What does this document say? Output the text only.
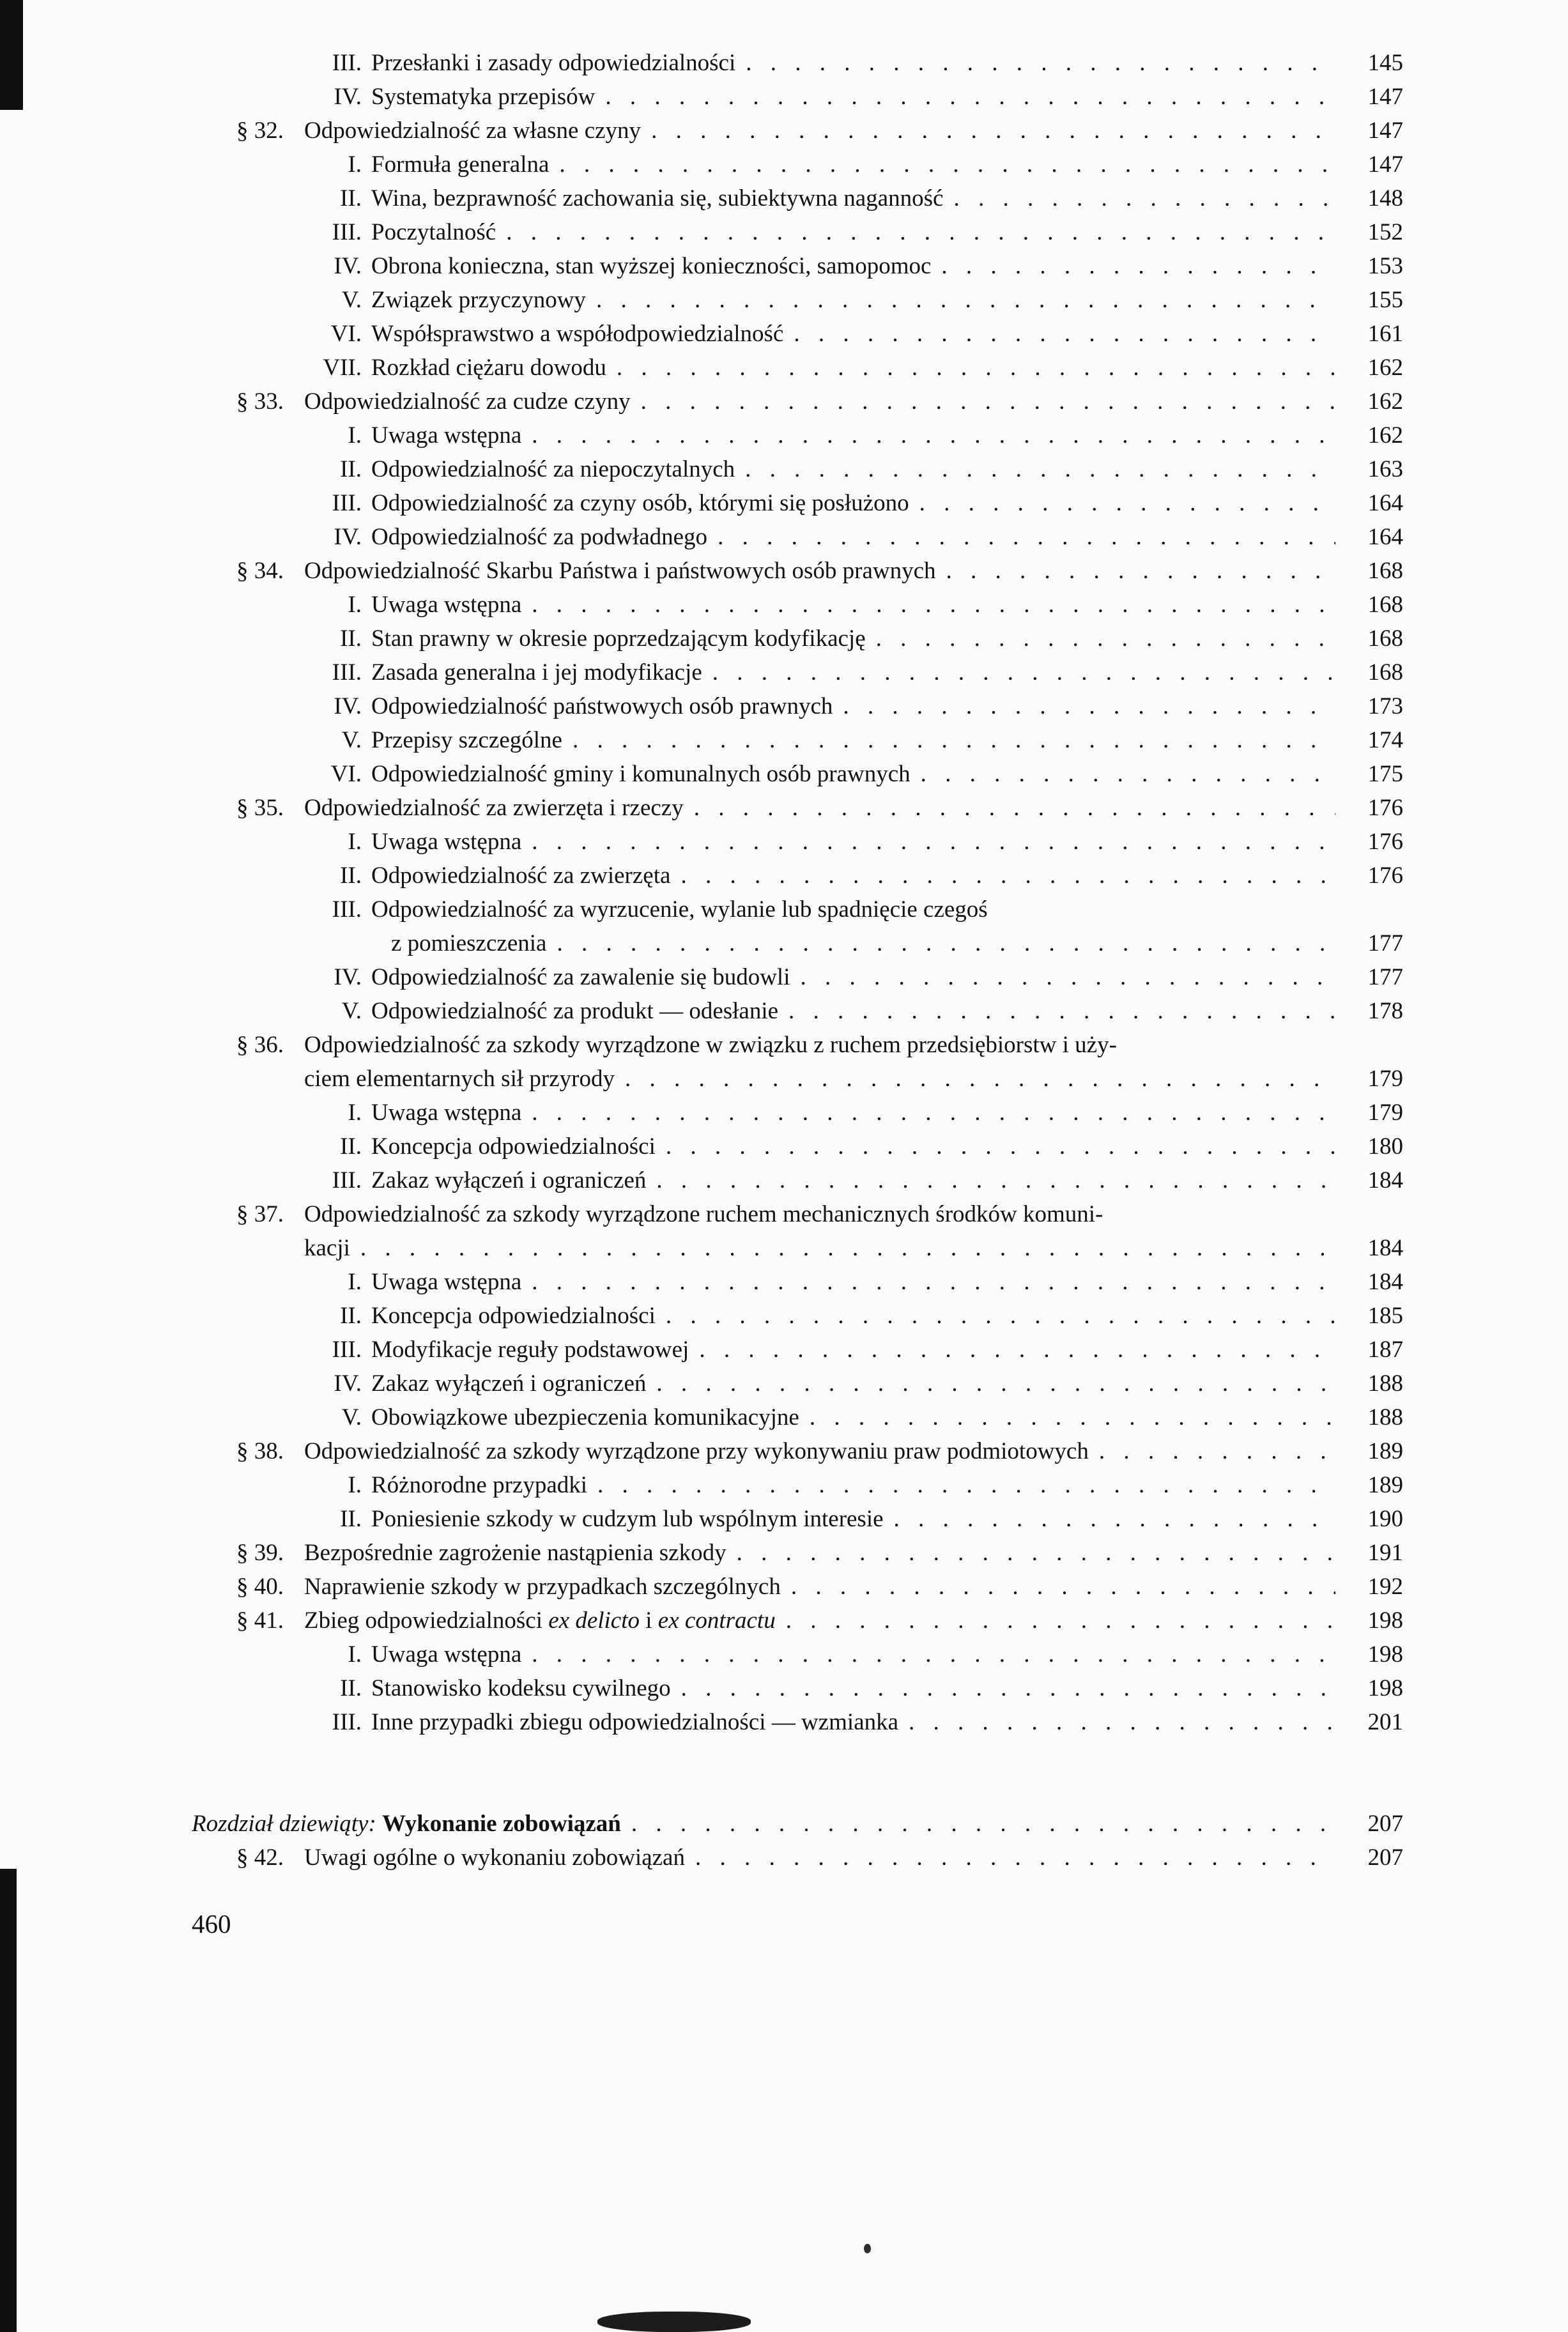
III. Przesłanki i zasady odpowiedzialności . . .	145
IV. Systematyka przepisów . . .	147
§ 32. Odpowiedzialność za własne czyny . . .	147
I. Formuła generalna . . .	147
II. Wina, bezprawność zachowania się, subiektywna naganność . . .	148
III. Poczytalność . . .	152
IV. Obrona konieczna, stan wyższej konieczności, samopomoc . . .	153
V. Związek przyczynowy . . .	155
VI. Współsprawstwo a współodpowiedzialność . . .	161
VII. Rozkład ciężaru dowodu . . .	162
§ 33. Odpowiedzialność za cudze czyny . . .	162
I. Uwaga wstępna . . .	162
II. Odpowiedzialność za niepoczytalnych . . .	163
III. Odpowiedzialność za czyny osób, którymi się posłużono . . .	164
IV. Odpowiedzialność za podwładnego . . .	164
§ 34. Odpowiedzialność Skarbu Państwa i państwowych osób prawnych . . .	168
I. Uwaga wstępna . . .	168
II. Stan prawny w okresie poprzedzającym kodyfikację . . .	168
III. Zasada generalna i jej modyfikacje . . .	168
IV. Odpowiedzialność państwowych osób prawnych . . .	173
V. Przepisy szczególne . . .	174
VI. Odpowiedzialność gminy i komunalnych osób prawnych . . .	175
§ 35. Odpowiedzialność za zwierzęta i rzeczy . . .	176
I. Uwaga wstępna . . .	176
II. Odpowiedzialność za zwierzęta . . .	176
III. Odpowiedzialność za wyrzucenie, wylanie lub spadnięcie czegoś
z pomieszczenia . . .	177
IV. Odpowiedzialność za zawalenie się budowli . . .	177
V. Odpowiedzialność za produkt — odesłanie . . .	178
§ 36. Odpowiedzialność za szkody wyrządzone w związku z ruchem przedsiębiorstw i uży-
ciem elementarnych sił przyrody . . .	179
I. Uwaga wstępna . . .	179
II. Koncepcja odpowiedzialności . . .	180
III. Zakaz wyłączeń i ograniczeń . . .	184
§ 37. Odpowiedzialność za szkody wyrządzone ruchem mechanicznych środków komuni-
kacji . . .	184
I. Uwaga wstępna . . .	184
II. Koncepcja odpowiedzialności . . .	185
III. Modyfikacje reguły podstawowej . . .	187
IV. Zakaz wyłączeń i ograniczeń . . .	188
V. Obowiązkowe ubezpieczenia komunikacyjne . . .	188
§ 38. Odpowiedzialność za szkody wyrządzone przy wykonywaniu praw podmiotowych . . .	189
I. Różnorodne przypadki . . .	189
II. Poniesienie szkody w cudzym lub wspólnym interesie . . .	190
§ 39. Bezpośrednie zagrożenie nastąpienia szkody . . .	191
§ 40. Naprawienie szkody w przypadkach szczególnych . . .	192
§ 41. Zbieg odpowiedzialności ex delicto i ex contractu . . .	198
I. Uwaga wstępna . . .	198
II. Stanowisko kodeksu cywilnego . . .	198
III. Inne przypadki zbiegu odpowiedzialności — wzmianka . . .	201
Rozdział dziewiąty: Wykonanie zobowiązań . . .	207
§ 42. Uwagi ogólne o wykonaniu zobowiązań . . .	207
460
